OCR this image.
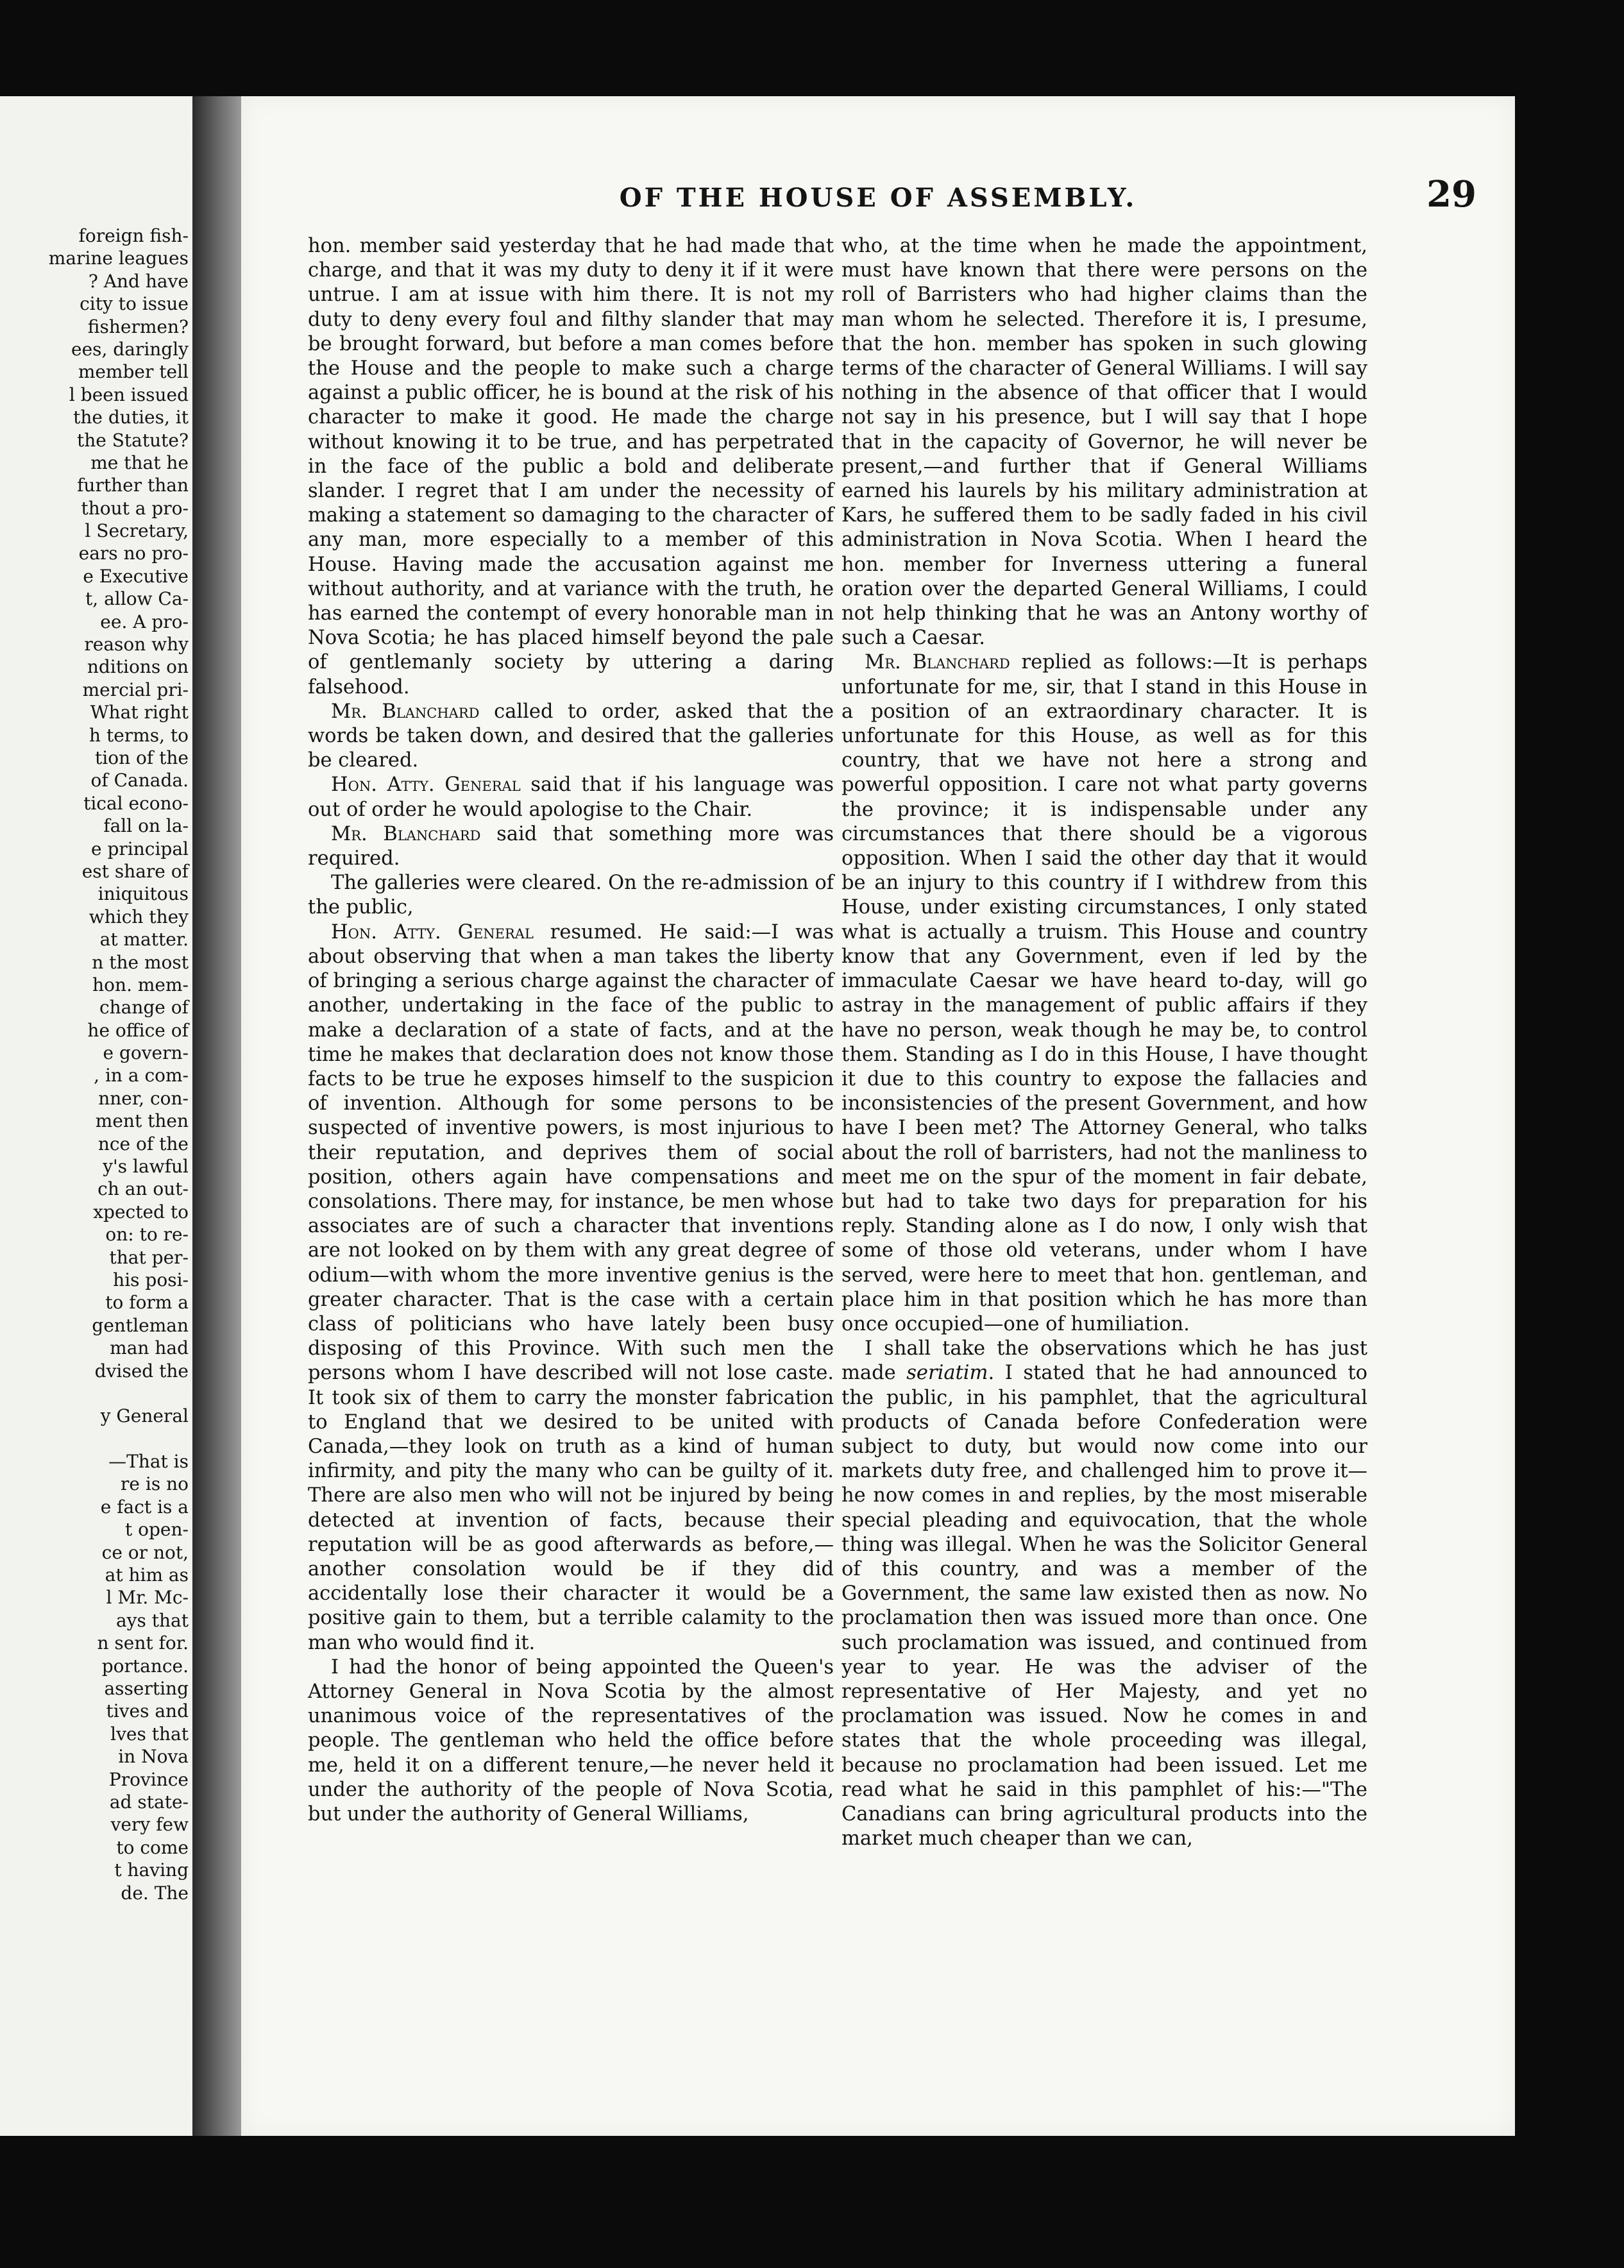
foreign fish-
marine leagues
? And have
city to issue
fishermen?
ees, daringly
member tell
l been issued
the duties, it
the Statute?
me that he
further than
thout a pro-
l Secretary,
ears no pro-
e Executive
t, allow Ca-
ee. A pro-
reason why
nditions on
mercial pri-
What right
h terms, to
tion of the
of Canada.
tical econo-
fall on la-
e principal
est share of
iniquitous
which they
at matter.
n the most
hon. mem-
change of
he office of
e govern-
, in a com-
nner, con-
ment then
nce of the
y's lawful
ch an out-
xpected to
on: to re-
that per-
his posi-
to form a
gentleman
man had
dvised the
y General
—That is
re is no
e fact is a
t open-
ce or not,
at him as
l Mr. Mc-
ays that
n sent for.
portance.
asserting
tives and
lves that
in Nova
Province
ad state-
very few
to come
t having
de. The
OF THE HOUSE OF ASSEMBLY.	29

hon. member said yesterday that he had made that charge, and that it was my duty to deny it if it were untrue. I am at issue with him there. It is not my duty to deny every foul and filthy slander that may be brought forward, but before a man comes before the House and the people to make such a charge against a public officer, he is bound at the risk of his character to make it good. He made the charge without knowing it to be true, and has perpetrated in the face of the public a bold and deliberate slander. I regret that I am under the necessity of making a statement so damaging to the character of any man, more especially to a member of this House. Having made the accusation against me without authority, and at variance with the truth, he has earned the contempt of every honorable man in Nova Scotia; he has placed himself beyond the pale of gentlemanly society by uttering a daring falsehood.

Mr. Blanchard called to order, asked that the words be taken down, and desired that the galleries be cleared.

Hon. Atty. General said that if his language was out of order he would apologise to the Chair.

Mr. Blanchard said that something more was required.

The galleries were cleared. On the re-admission of the public,

Hon. Atty. General resumed. He said:—I was about observing that when a man takes the liberty of bringing a serious charge against the character of another, undertaking in the face of the public to make a declaration of a state of facts, and at the time he makes that declaration does not know those facts to be true he exposes himself to the suspicion of invention. Although for some persons to be suspected of inventive powers, is most injurious to their reputation, and deprives them of social position, others again have compensations and consolations. There may, for instance, be men whose associates are of such a character that inventions are not looked on by them with any great degree of odium—with whom the more inventive genius is the greater character. That is the case with a certain class of politicians who have lately been busy disposing of this Province. With such men the persons whom I have described will not lose caste. It took six of them to carry the monster fabrication to England that we desired to be united with Canada,—they look on truth as a kind of human infirmity, and pity the many who can be guilty of it. There are also men who will not be injured by being detected at invention of facts, because their reputation will be as good afterwards as before,—another consolation would be if they did accidentally lose their character it would be a positive gain to them, but a terrible calamity to the man who would find it.

I had the honor of being appointed the Queen's Attorney General in Nova Scotia by the almost unanimous voice of the representatives of the people. The gentleman who held the office before me, held it on a different tenure,—he never held it under the authority of the people of Nova Scotia, but under the authority of General Williams,

who, at the time when he made the appointment, must have known that there were persons on the roll of Barristers who had higher claims than the man whom he selected. Therefore it is, I presume, that the hon. member has spoken in such glowing terms of the character of General Williams. I will say nothing in the absence of that officer that I would not say in his presence, but I will say that I hope that in the capacity of Governor, he will never be present,—and further that if General Williams earned his laurels by his military administration at Kars, he suffered them to be sadly faded in his civil administration in Nova Scotia. When I heard the hon. member for Inverness uttering a funeral oration over the departed General Williams, I could not help thinking that he was an Antony worthy of such a Caesar.

Mr. Blanchard replied as follows:—It is perhaps unfortunate for me, sir, that I stand in this House in a position of an extraordinary character. It is unfortunate for this House, as well as for this country, that we have not here a strong and powerful opposition. I care not what party governs the province; it is indispensable under any circumstances that there should be a vigorous opposition. When I said the other day that it would be an injury to this country if I withdrew from this House, under existing circumstances, I only stated what is actually a truism. This House and country know that any Government, even if led by the immaculate Caesar we have heard to-day, will go astray in the management of public affairs if they have no person, weak though he may be, to control them. Standing as I do in this House, I have thought it due to this country to expose the fallacies and inconsistencies of the present Government, and how have I been met? The Attorney General, who talks about the roll of barristers, had not the manliness to meet me on the spur of the moment in fair debate, but had to take two days for preparation for his reply. Standing alone as I do now, I only wish that some of those old veterans, under whom I have served, were here to meet that hon. gentleman, and place him in that position which he has more than once occupied—one of humiliation.

I shall take the observations which he has just made seriatim. I stated that he had announced to the public, in his pamphlet, that the agricultural products of Canada before Confederation were subject to duty, but would now come into our markets duty free, and challenged him to prove it—he now comes in and replies, by the most miserable special pleading and equivocation, that the whole thing was illegal. When he was the Solicitor General of this country, and was a member of the Government, the same law existed then as now. No proclamation then was issued more than once. One such proclamation was issued, and continued from year to year. He was the adviser of the representative of Her Majesty, and yet no proclamation was issued. Now he comes in and states that the whole proceeding was illegal, because no proclamation had been issued. Let me read what he said in this pamphlet of his:—"The Canadians can bring agricultural products into the market much cheaper than we can,
